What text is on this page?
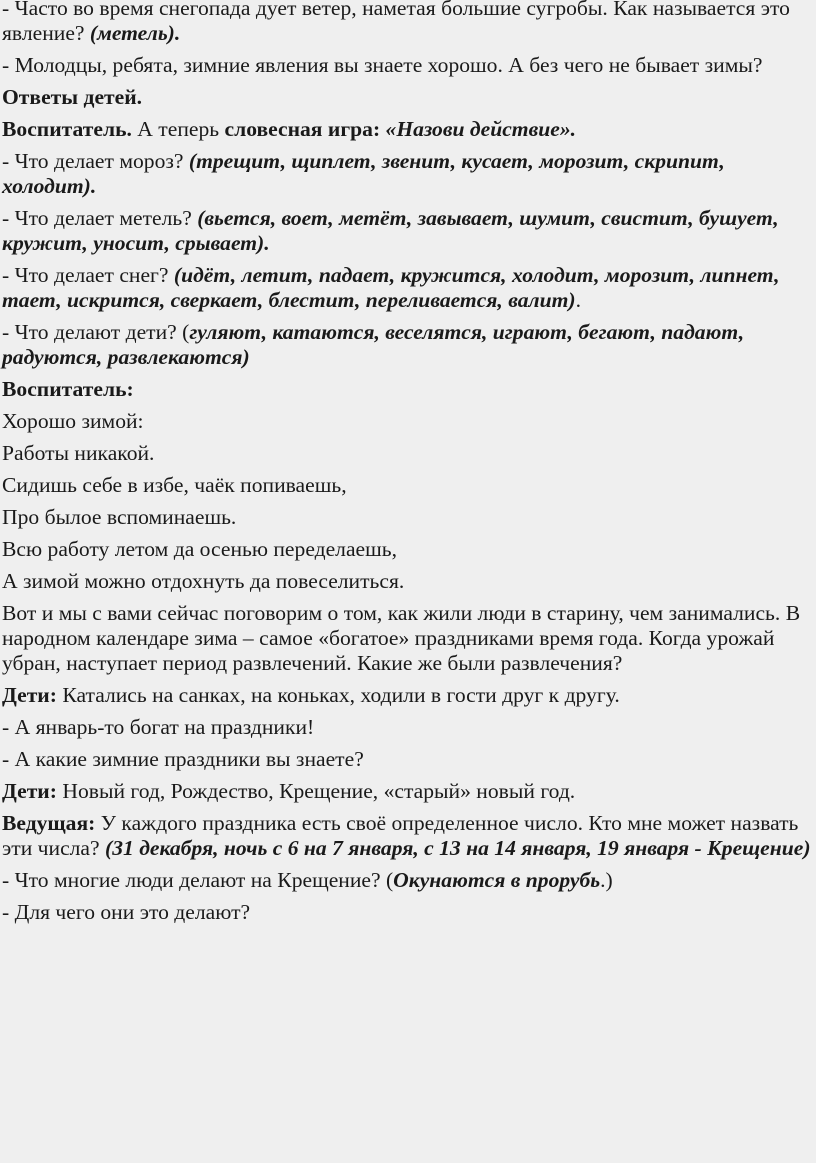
- Часто во время снегопада дует ветер, наметая большие сугробы. Как называется это явление? (метель).

- Молодцы, ребята, зимние явления вы знаете хорошо. А без чего не бывает зимы?

Ответы детей.

Воспитатель. А теперь словесная игра: «Назови действие».

- Что делает мороз? (трещит, щиплет, звенит, кусает, морозит, скрипит, холодит).

- Что делает метель? (вьется, воет, метёт, завывает, шумит, свистит, бушует, кружит, уносит, срывает).

- Что делает снег? (идёт, летит, падает, кружится, холодит, морозит, липнет, тает, искрится, сверкает, блестит, переливается, валит).

- Что делают дети? (гуляют, катаются, веселятся, играют, бегают, падают, радуются, развлекаются)

Воспитатель:

Хорошо зимой:

Работы никакой.

Сидишь себе в избе, чаёк попиваешь,

Про былое вспоминаешь.

Всю работу летом да осенью переделаешь,

А зимой можно отдохнуть да повеселиться.

Вот и мы с вами сейчас поговорим о том, как жили люди в старину, чем занимались. В народном календаре зима – самое «богатое» праздниками время года. Когда урожай убран, наступает период развлечений. Какие же были развлечения?

Дети: Катались на санках, на коньках, ходили в гости друг к другу.

- А январь-то богат на праздники!

- А какие зимние праздники вы знаете?

Дети: Новый год, Рождество, Крещение, «старый» новый год.

Ведущая: У каждого праздника есть своё определенное число. Кто мне может назвать эти числа? (31 декабря, ночь с 6 на 7 января, с 13 на 14 января, 19 января - Крещение)

- Что многие люди делают на Крещение? (Окунаются в прорубь.)

- Для чего они это делают?
